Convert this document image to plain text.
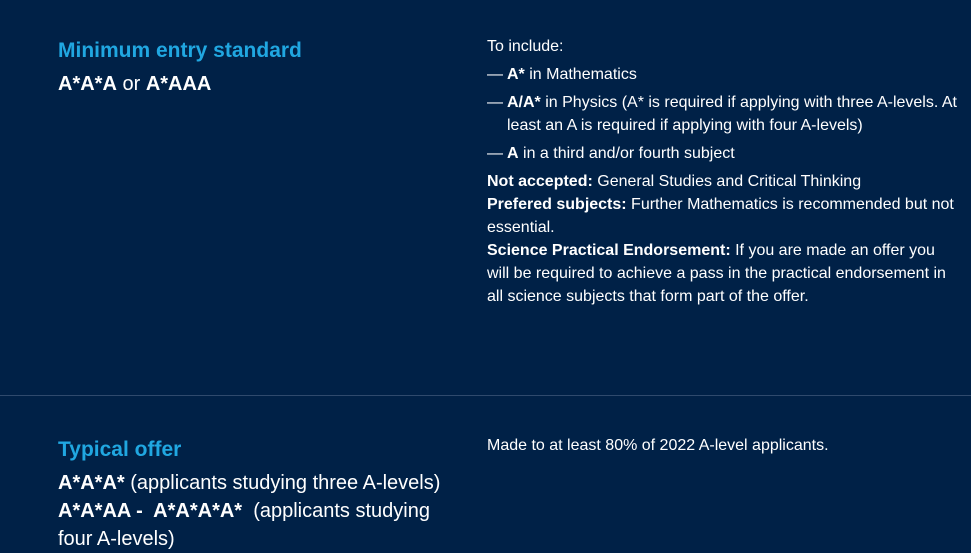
Minimum entry standard

A*A*A or A*AAA

To include:

— A* in Mathematics
— A/A* in Physics (A* is required if applying with three A-levels. At least an A is required if applying with four A-levels)
— A in a third and/or fourth subject

Not accepted: General Studies and Critical Thinking

Prefered subjects: Further Mathematics is recommended but not essential.

Science Practical Endorsement: If you are made an offer you will be required to achieve a pass in the practical endorsement in all science subjects that form part of the offer.

Typical offer

A*A*A* (applicants studying three A-levels)

A*A*AA -  A*A*A*A*  (applicants studying four A-levels)

Made to at least 80% of 2022 A-level applicants.
